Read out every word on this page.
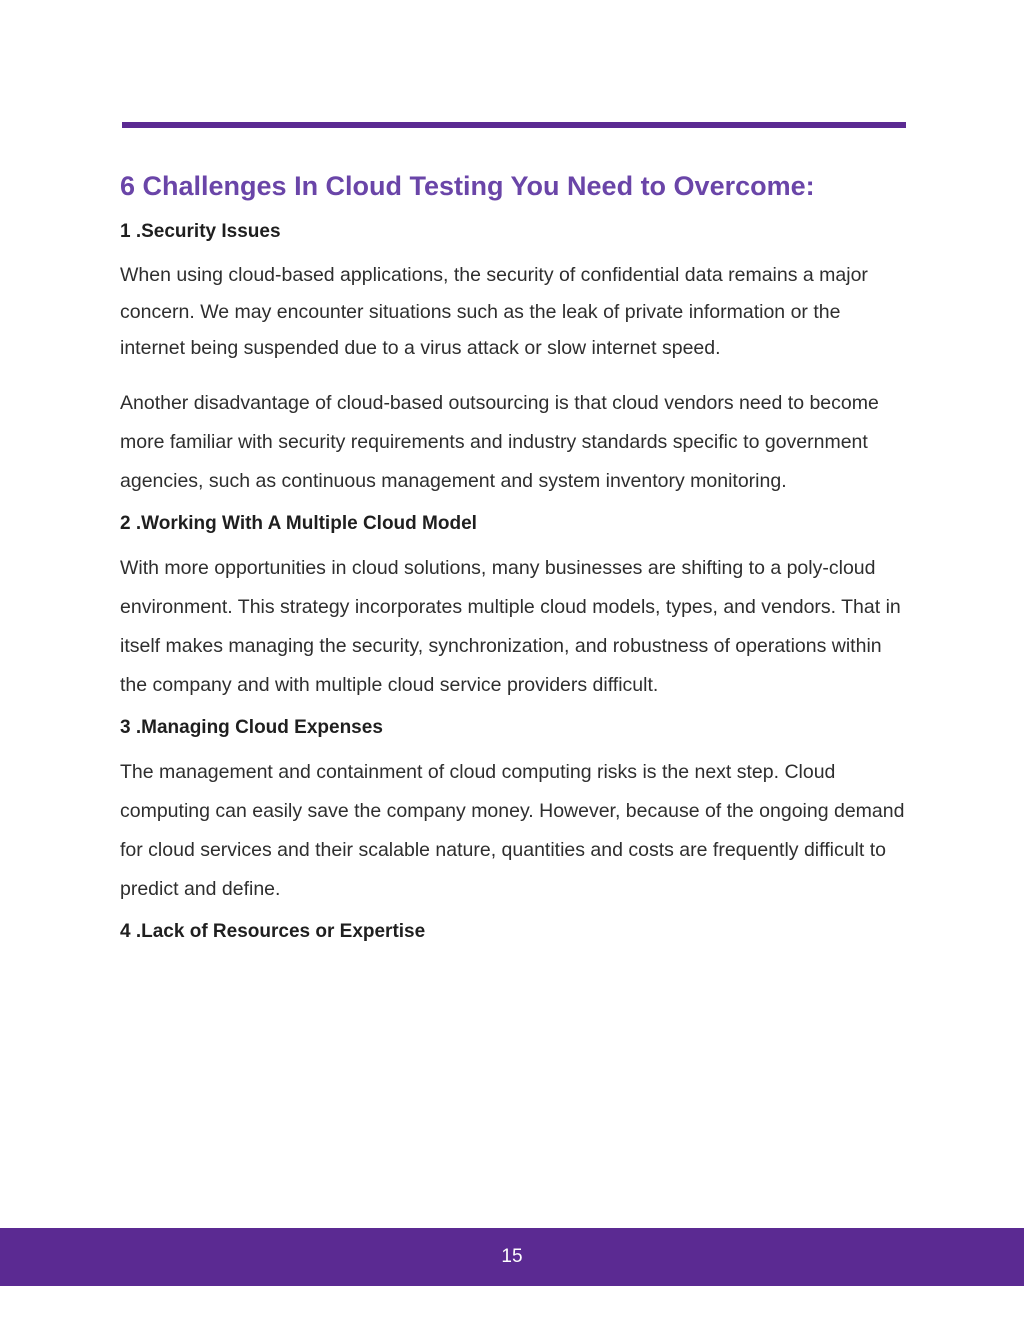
6 Challenges In Cloud Testing You Need to Overcome:
1 .Security Issues

When using cloud-based applications, the security of confidential data remains a major concern. We may encounter situations such as the leak of private information or the internet being suspended due to a virus attack or slow internet speed.

Another disadvantage of cloud-based outsourcing is that cloud vendors need to become more familiar with security requirements and industry standards specific to government agencies, such as continuous management and system inventory monitoring.

2 .Working With A Multiple Cloud Model

With more opportunities in cloud solutions, many businesses are shifting to a poly-cloud environment. This strategy incorporates multiple cloud models, types, and vendors. That in itself makes managing the security, synchronization, and robustness of operations within the company and with multiple cloud service providers difficult.

3 .Managing Cloud Expenses

The management and containment of cloud computing risks is the next step. Cloud computing can easily save the company money. However, because of the ongoing demand for cloud services and their scalable nature, quantities and costs are frequently difficult to predict and define.

4 .Lack of Resources or Expertise
15
